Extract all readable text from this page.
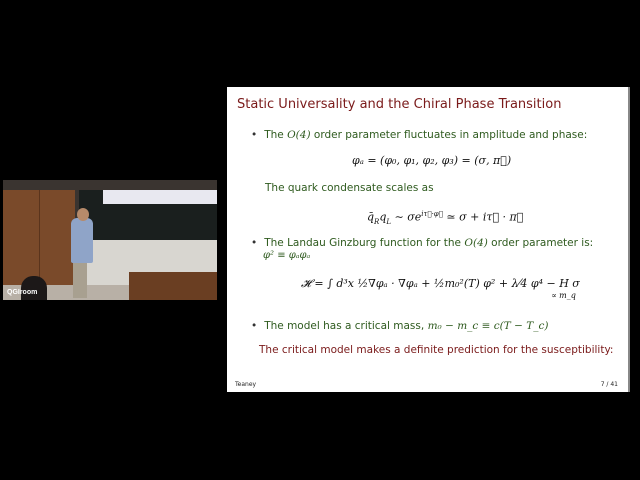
QGIroom
Static Universality and the Chiral Phase Transition
• The O(4) order parameter fluctuates in amplitude and phase:
φₐ = (φ₀, φ₁, φ₂, φ₃) = (σ, π⃗)
The quark condensate scales as
$q̄_Rq_L$ ∼ $\sigma e^{i\tau⃗\cdot\varphi⃗}$ ≃ σ + iτ⃗ · π⃗
• The Landau Ginzburg function for the O(4) order parameter is:
φ² ≡ φₐφₐ
𝓗 = ∫ d³x ½∇φₐ · ∇φₐ + ½m₀²(T) φ² + λ⁄4 φ⁴ − H
∝ m_q
σ
• The model has a critical mass, m₀ − m_c ≡ c(T − T_c)
The critical model makes a definite prediction for the susceptibility:
Teaney	7 / 41
